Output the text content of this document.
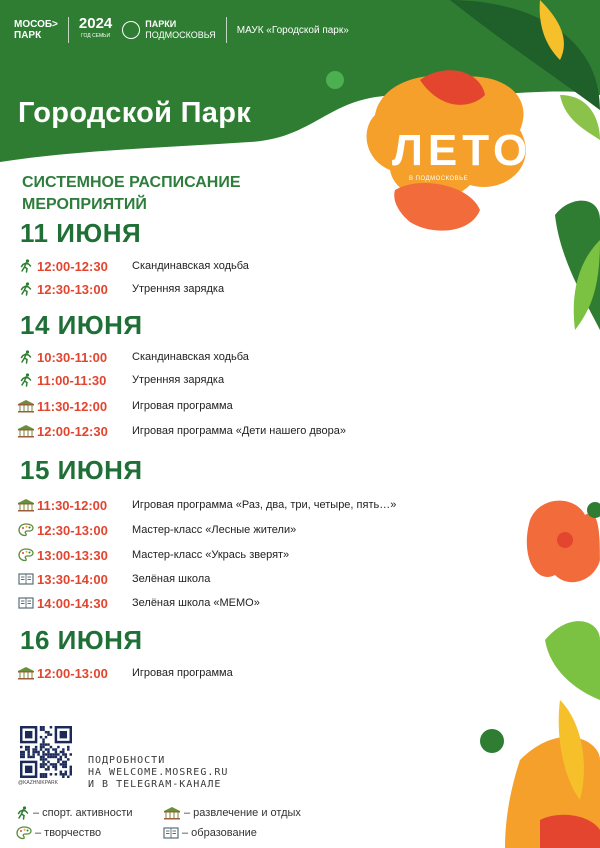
МОСОБ>
ПАРК
2024
ГОД СЕМЬИ
ПАРКИ
ПОДМОСКОВЬЯ МАУК «Городской парк»
Городской Парк
ЛЕТО
В ПОДМОСКОВЬЕ
СИСТЕМНОЕ РАСПИСАНИЕ МЕРОПРИЯТИЙ
11 ИЮНЯ
12:00-12:30	Скандинавская ходьба
12:30-13:00	Утренняя зарядка
14 ИЮНЯ
10:30-11:00	Скандинавская ходьба
11:00-11:30	Утренняя зарядка
11:30-12:00	Игровая программа
12:00-12:30	Игровая программа «Дети нашего двора»
15 ИЮНЯ
11:30-12:00	Игровая программа «Раз, два, три, четыре, пять…»
12:30-13:00	Мастер-класс «Лесные жители»
13:00-13:30	Мастер-класс «Укрась зверят»
13:30-14:00	Зелёная школа
14:00-14:30	Зелёная школа «МЕМО»
16 ИЮНЯ
12:00-13:00	Игровая программа
@KAZHNIKPARK
ПОДРОБНОСТИ
НА WELCOME.MOSREG.RU
И В TELEGRAM-КАНАЛЕ
– спорт. активности	– развлечение и отдых
– творчество	– образование
